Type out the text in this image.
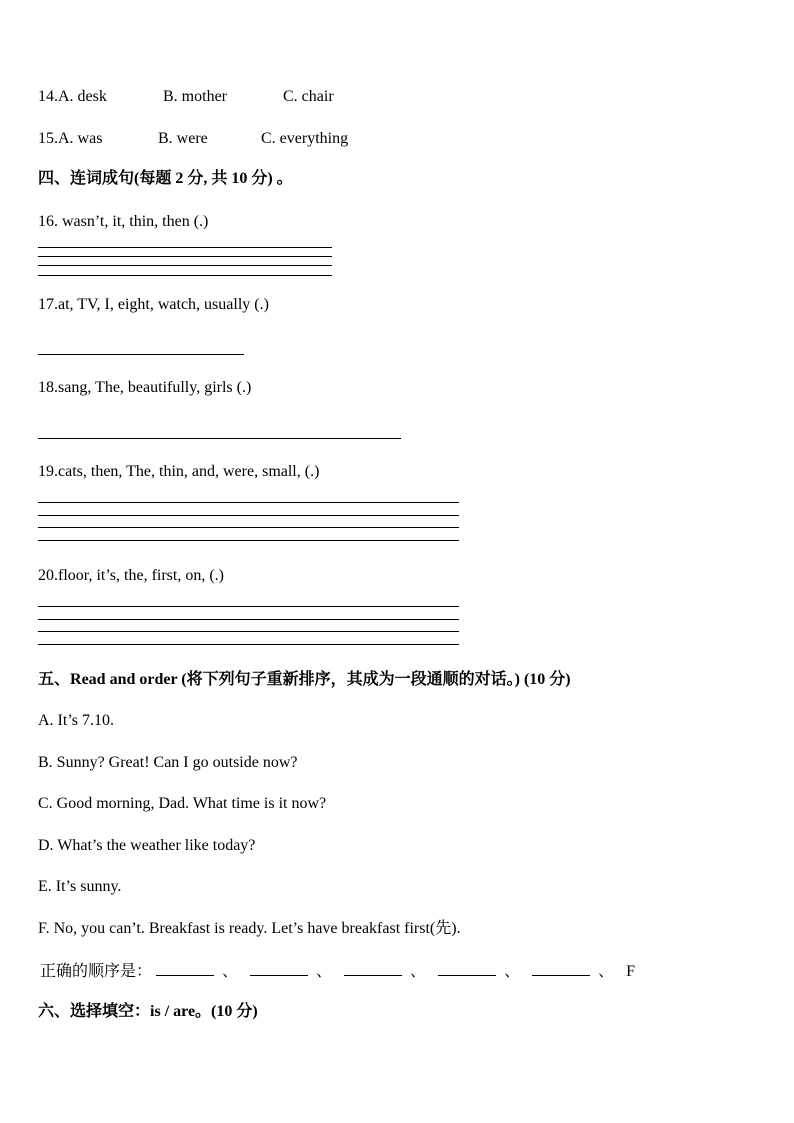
A. desk
14.	B. mother	C. chair
15. A. was	B. were	C. everything
四、连词成句(每题 2 分, 共 10 分) 。
16. wasn’t, it, thin, then (.)
17.at, TV, I, eight, watch, usually (.)
18.sang, The, beautifully, girls (.)
19.cats, then, The, thin, and, were, small, (.)
20.floor, it’s, the, first, on, (.)
五、Read and order (将下列句子重新排序，其成为一段通顺的对话。) (10 分)
A. It’s 7.10.
B. Sunny? Great! Can I go outside now?
C. Good morning, Dad. What time is it now?
D. What’s the weather like today?
E. It’s sunny.
F. No, you can’t. Breakfast is ready. Let’s have breakfast first(先).
正确的顺序是：	、	、	、	、	、 F
六、选择填空：is / are。(10 分)
